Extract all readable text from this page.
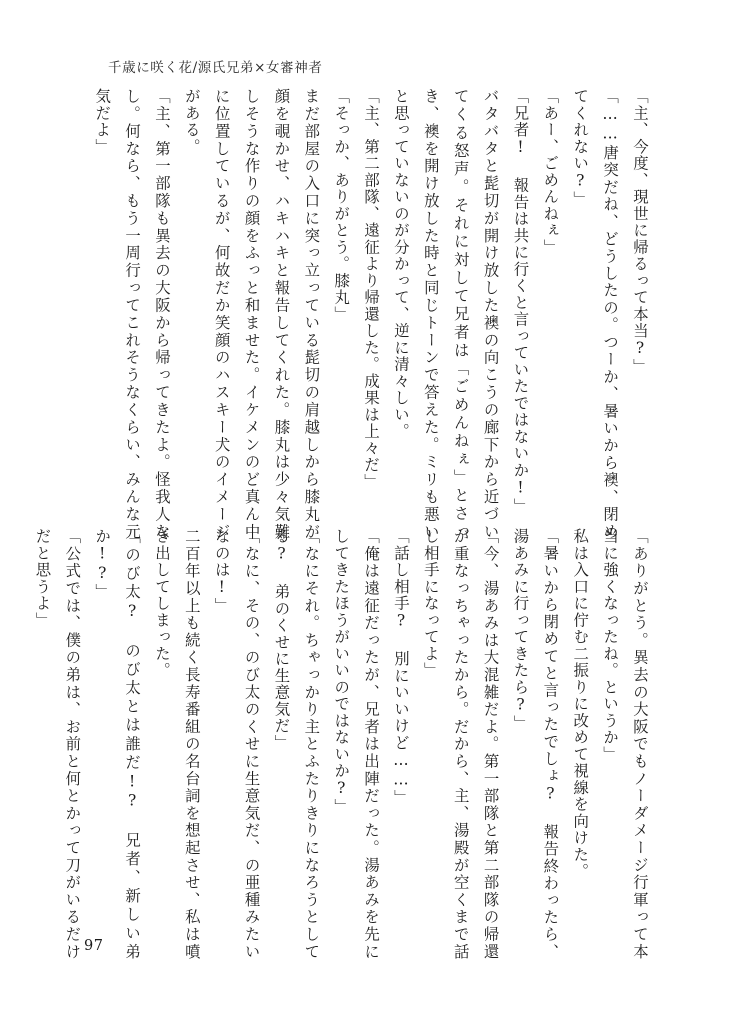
千歳に咲く花/源氏兄弟×女審神者

「主、今度、現世に帰るって本当?」

「……唐突だね、どうしたの。つーか、暑いから襖、閉めてくれない?」

「あー、ごめんねぇ」

「兄者! 報告は共に行くと言っていたではないか!」

バタバタと髭切が開け放した襖の向こうの廊下から近づいてくる怒声。それに対して兄者は「ごめんねぇ」とさっき、襖を開け放した時と同じトーンで答えた。ミリも悪いと思っていないのが分かって、逆に清々しい。

「主、第二部隊、遠征より帰還した。成果は上々だ」

「そっか、ありがとう。膝丸」

まだ部屋の入口に突っ立っている髭切の肩越しから膝丸が顔を覗かせ、ハキハキと報告してくれた。膝丸は少々気難しそうな作りの顔をふっと和ませた。イケメンのど真ん中に位置しているが、何故だか笑顔のハスキー犬のイメージがある。

「主、第一部隊も異去の大阪から帰ってきたよ。怪我人なし。何なら、もう一周行ってこれそうなくらい、みんな元気だよ」

「ありがとう。異去の大阪でもノーダメージ行軍って本当に強くなったね。というか」

私は入口に佇む二振りに改めて視線を向けた。

「暑いから閉めてと言ったでしょ? 報告終わったら、湯あみに行ってきたら?」

「今、湯あみは大混雑だよ。第一部隊と第二部隊の帰還が重なっちゃったから。だから、主、湯殿が空くまで話し相手になってよ」

「話し相手? 別にいいけど……」

「俺は遠征だったが、兄者は出陣だった。湯あみを先にしてきたほうがいいのではないか?」

「なにそれ。ちゃっかり主とふたりきりになろうとしてる? 弟のくせに生意気だ」

「なに、その、のび太のくせに生意気だ、の亜種みたいなのは!」

二百年以上も続く長寿番組の名台詞を想起させ、私は噴き出してしまった。

「のび太? のび太とは誰だ!? 兄者、新しい弟か!?」

「公式では、僕の弟は、お前と何とかって刀がいるだけだと思うよ」

97
